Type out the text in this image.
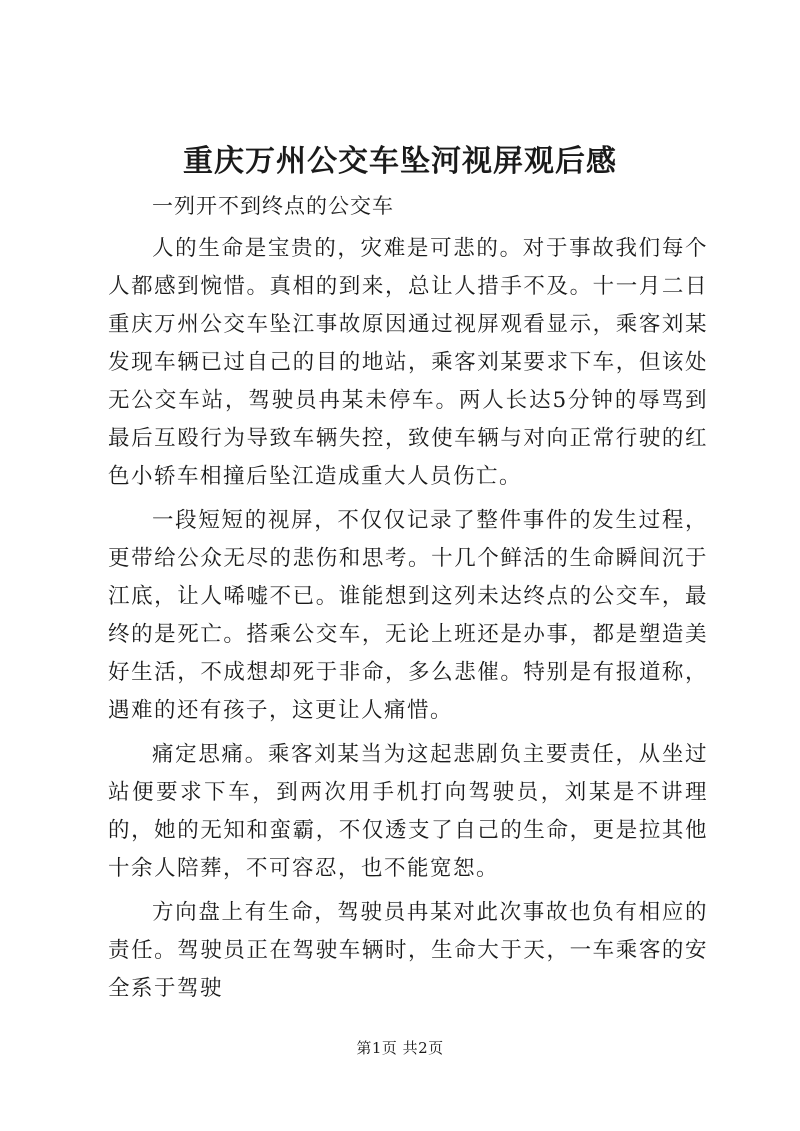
重庆万州公交车坠河视屏观后感

一列开不到终点的公交车

人的生命是宝贵的，灾难是可悲的。对于事故我们每个人都感到惋惜。真相的到来，总让人措手不及。十一月二日重庆万州公交车坠江事故原因通过视屏观看显示，乘客刘某发现车辆已过自己的目的地站，乘客刘某要求下车，但该处无公交车站，驾驶员冉某未停车。两人长达5分钟的辱骂到最后互殴行为导致车辆失控，致使车辆与对向正常行驶的红色小轿车相撞后坠江造成重大人员伤亡。

一段短短的视屏，不仅仅记录了整件事件的发生过程，更带给公众无尽的悲伤和思考。十几个鲜活的生命瞬间沉于江底，让人唏嘘不已。谁能想到这列未达终点的公交车，最终的是死亡。搭乘公交车，无论上班还是办事，都是塑造美好生活，不成想却死于非命，多么悲催。特别是有报道称，遇难的还有孩子，这更让人痛惜。

痛定思痛。乘客刘某当为这起悲剧负主要责任，从坐过站便要求下车，到两次用手机打向驾驶员，刘某是不讲理的，她的无知和蛮霸，不仅透支了自己的生命，更是拉其他十余人陪葬，不可容忍，也不能宽恕。

方向盘上有生命，驾驶员冉某对此次事故也负有相应的责任。驾驶员正在驾驶车辆时，生命大于天，一车乘客的安全系于驾驶

第1页 共2页
